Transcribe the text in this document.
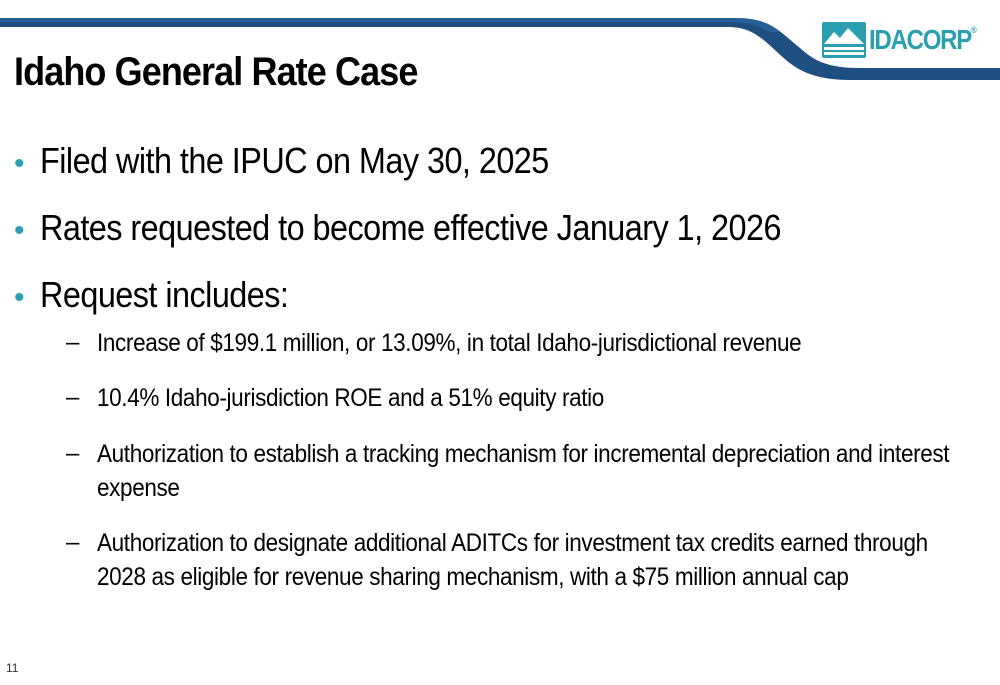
IDACORP®
Idaho General Rate Case
• Filed with the IPUC on May 30, 2025
• Rates requested to become effective January 1, 2026
• Request includes:
– Increase of $199.1 million, or 13.09%, in total Idaho-jurisdictional revenue
– 10.4% Idaho-jurisdiction ROE and a 51% equity ratio
– Authorization to establish a tracking mechanism for incremental depreciation and interest expense
– Authorization to designate additional ADITCs for investment tax credits earned through 2028 as eligible for revenue sharing mechanism, with a $75 million annual cap
11
